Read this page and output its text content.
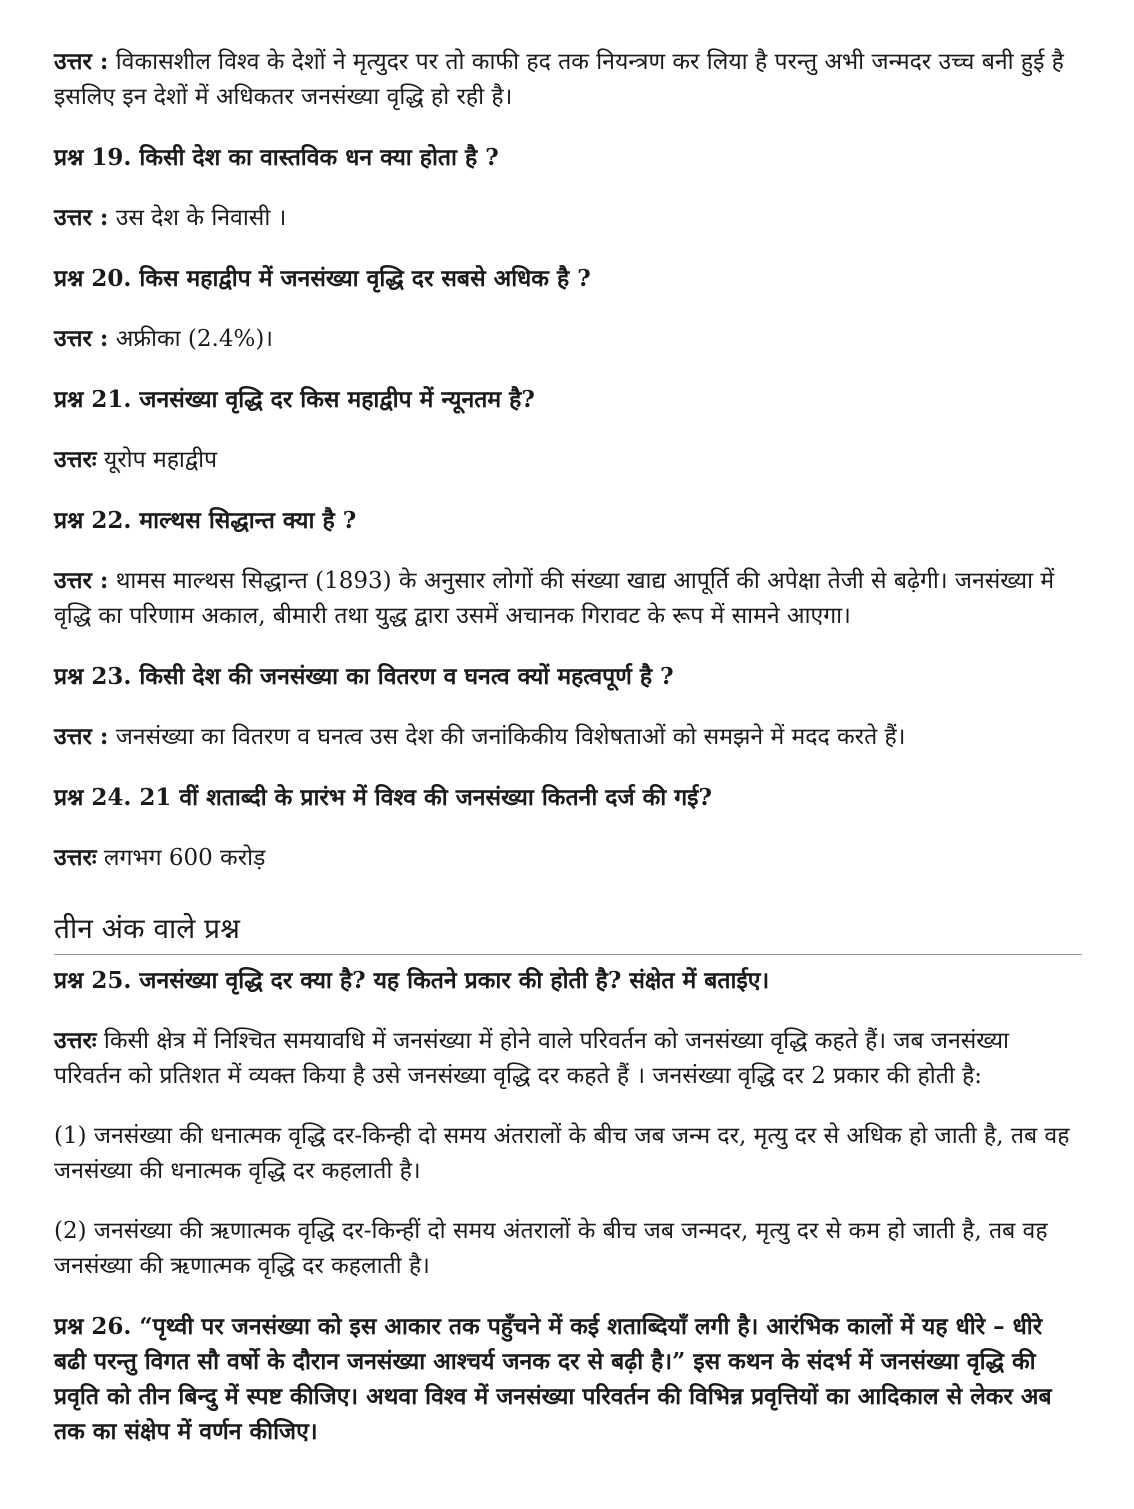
उत्तर : विकासशील विश्व के देशों ने मृत्युदर पर तो काफी हद तक नियन्त्रण कर लिया है परन्तु अभी जन्मदर उच्च बनी हुई है इसलिए इन देशों में अधिकतर जनसंख्या वृद्धि हो रही है।

प्रश्न 19. किसी देश का वास्तविक धन क्या होता है ?

उत्तर : उस देश के निवासी ।

प्रश्न 20. किस महाद्वीप में जनसंख्या वृद्धि दर सबसे अधिक है ?

उत्तर : अफ्रीका (2.4%)।

प्रश्न 21. जनसंख्या वृद्धि दर किस महाद्वीप में न्यूनतम है?

उत्तरः यूरोप महाद्वीप

प्रश्न 22. माल्थस सिद्धान्त क्या है ?

उत्तर : थामस माल्थस सिद्धान्त (1893) के अनुसार लोगों की संख्या खाद्य आपूर्ति की अपेक्षा तेजी से बढ़ेगी। जनसंख्या में वृद्धि का परिणाम अकाल, बीमारी तथा युद्ध द्वारा उसमें अचानक गिरावट के रूप में सामने आएगा।

प्रश्न 23. किसी देश की जनसंख्या का वितरण व घनत्व क्यों महत्वपूर्ण है ?

उत्तर : जनसंख्या का वितरण व घनत्व उस देश की जनांकिकीय विशेषताओं को समझने में मदद करते हैं।

प्रश्न 24. 21 वीं शताब्दी के प्रारंभ में विश्व की जनसंख्या कितनी दर्ज की गई?

उत्तरः लगभग 600 करोड़

तीन अंक वाले प्रश्न

प्रश्न 25. जनसंख्या वृद्धि दर क्या है? यह कितने प्रकार की होती है? संक्षेत में बताईए।

उत्तरः किसी क्षेत्र में निश्चित समयावधि में जनसंख्या में होने वाले परिवर्तन को जनसंख्या वृद्धि कहते हैं। जब जनसंख्या परिवर्तन को प्रतिशत में व्यक्त किया है उसे जनसंख्या वृद्धि दर कहते हैं । जनसंख्या वृद्धि दर 2 प्रकार की होती है:

(1) जनसंख्या की धनात्मक वृद्धि दर-किन्ही दो समय अंतरालों के बीच जब जन्म दर, मृत्यु दर से अधिक हो जाती है, तब वह जनसंख्या की धनात्मक वृद्धि दर कहलाती है।

(2) जनसंख्या की ऋणात्मक वृद्धि दर-किन्हीं दो समय अंतरालों के बीच जब जन्मदर, मृत्यु दर से कम हो जाती है, तब वह जनसंख्या की ऋणात्मक वृद्धि दर कहलाती है।

प्रश्न 26. “पृथ्वी पर जनसंख्या को इस आकार तक पहुँचने में कई शताब्दियाँ लगी है। आरंभिक कालों में यह धीरे – धीरे बढी परन्तु विगत सौ वर्षो के दौरान जनसंख्या आश्चर्य जनक दर से बढ़ी है।” इस कथन के संदर्भ में जनसंख्या वृद्धि की प्रवृति को तीन बिन्दु में स्पष्ट कीजिए। अथवा विश्व में जनसंख्या परिवर्तन की विभिन्न प्रवृत्तियों का आदिकाल से लेकर अब तक का संक्षेप में वर्णन कीजिए।
